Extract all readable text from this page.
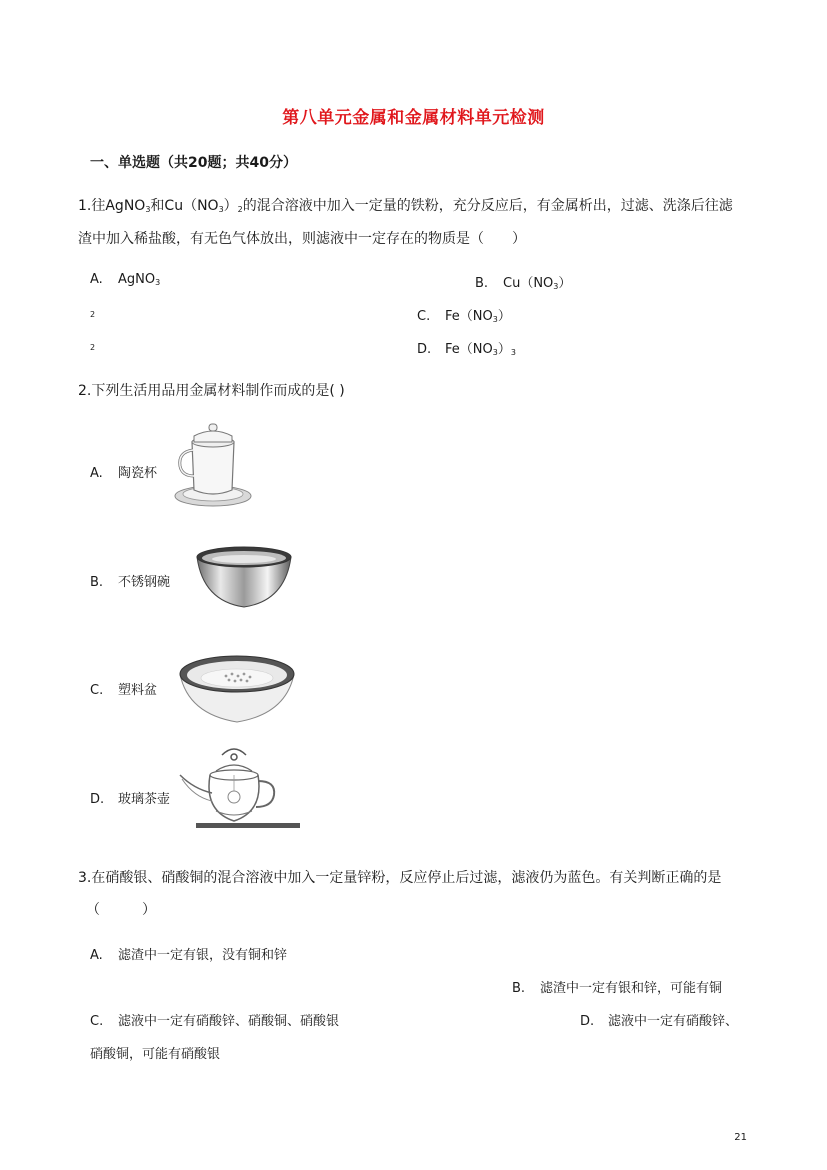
第八单元金属和金属材料单元检测
一、单选题（共20题；共40分）
1.往AgNO$_3$和$Cu(NO_3)_2$的混合溶液中加入一定量的铁粉，充分反应后，有金属析出，过滤、洗涤后往滤
渣中加入稀盐酸，有无色气体放出，则滤液中一定存在的物质是（　　）
A. AgNO$_3$	B. $Cu(NO_3)$
2	C. $Fe(NO_3)$
2	D. $Fe(NO_3)_3$
2.下列生活用品用金属材料制作而成的是( )
A. 陶瓷杯
B. 不锈钢碗
C. 塑料盆
D. 玻璃茶壶
3.在硝酸银、硝酸铜的混合溶液中加入一定量锌粉，反应停止后过滤，滤液仍为蓝色。有关判断正确的是
（　　　）
A. 滤渣中一定有银，没有铜和锌
B. 滤渣中一定有银和锌，可能有铜
C. 滤液中一定有硝酸锌、硝酸铜、硝酸银	D. 滤液中一定有硝酸锌、
硝酸铜，可能有硝酸银
21
